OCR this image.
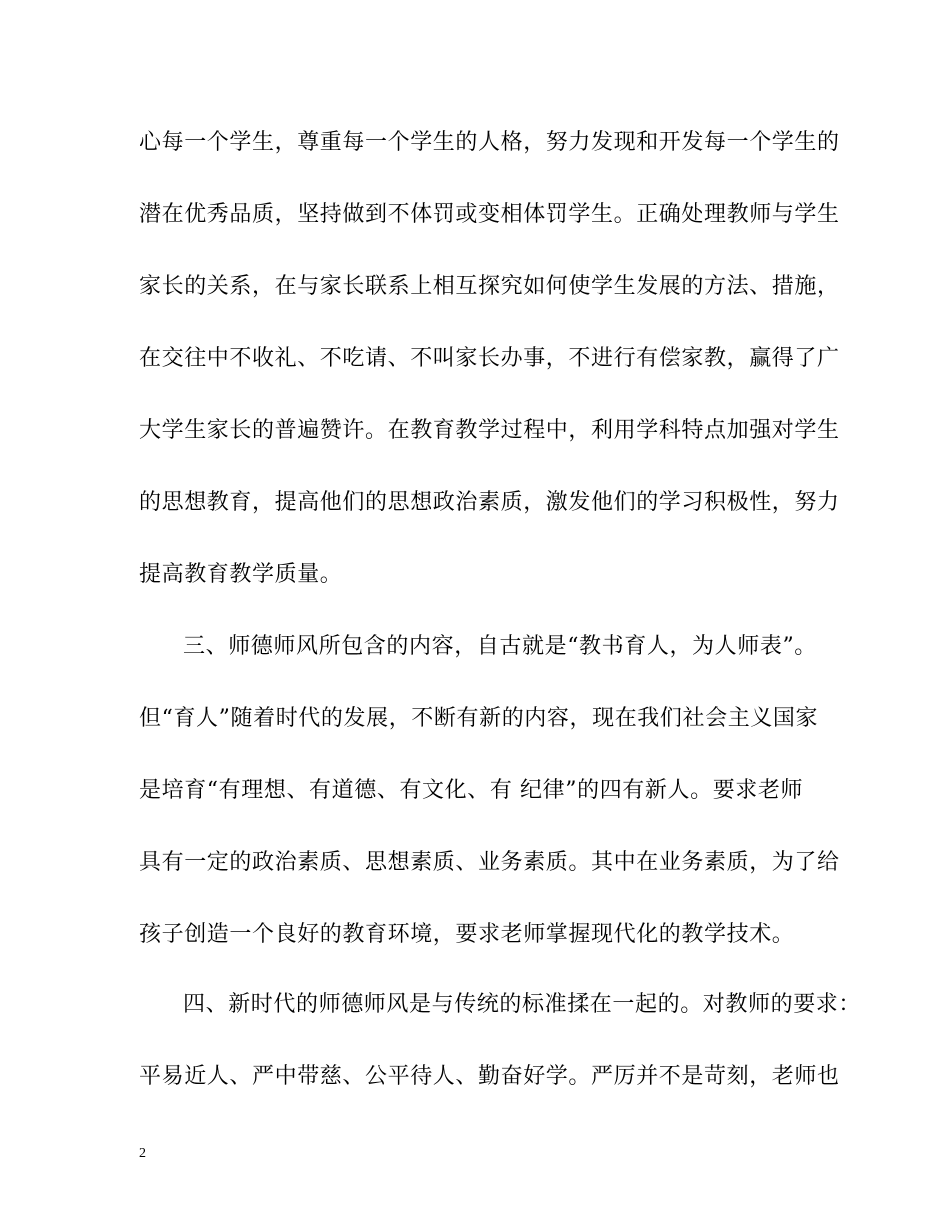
心每一个学生，尊重每一个学生的人格，努力发现和开发每一个学生的
潜在优秀品质，坚持做到不体罚或变相体罚学生。正确处理教师与学生
家长的关系，在与家长联系上相互探究如何使学生发展的方法、措施，
在交往中不收礼、不吃请、不叫家长办事，不进行有偿家教，赢得了广
大学生家长的普遍赞许。在教育教学过程中，利用学科特点加强对学生
的思想教育，提高他们的思想政治素质，激发他们的学习积极性，努力
提高教育教学质量。
三、师德师风所包含的内容，自古就是“教书育人，为人师表”。
但“育人”随着时代的发展，不断有新的内容，现在我们社会主义国家
是培育“有理想、有道德、有文化、有 纪律”的四有新人。要求老师
具有一定的政治素质、思想素质、业务素质。其中在业务素质，为了给
孩子创造一个良好的教育环境，要求老师掌握现代化的教学技术。
四、新时代的师德师风是与传统的标准揉在一起的。对教师的要求：
平易近人、严中带慈、公平待人、勤奋好学。严厉并不是苛刻，老师也
2
